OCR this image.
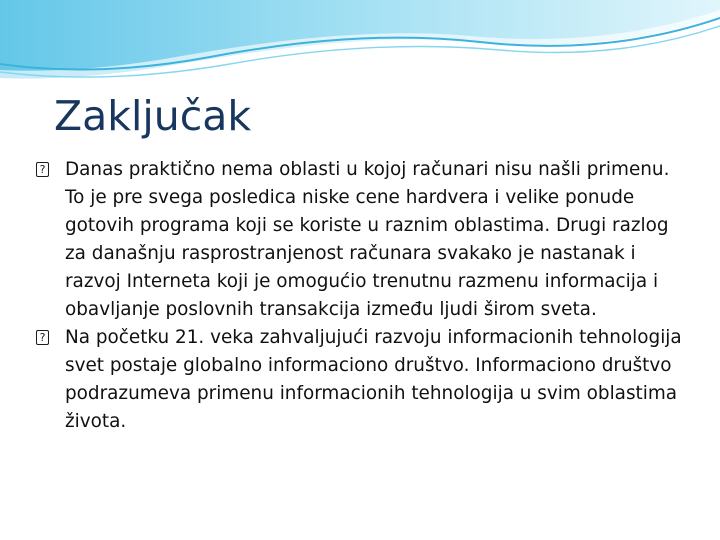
Zaključak
? Danas praktično nema oblasti u kojoj računari nisu našli primenu. To je pre svega posledica niske cene hardvera i velike ponude gotovih programa koji se koriste u raznim oblastima. Drugi razlog za današnju rasprostranjenost računara svakako je nastanak i razvoj Interneta koji je omogućio trenutnu razmenu informacija i obavljanje poslovnih transakcija između ljudi širom sveta.
? Na početku 21. veka zahvaljujući razvoju informacionih tehnologija svet postaje globalno informaciono društvo. Informaciono društvo podrazumeva primenu informacionih tehnologija u svim oblastima života.
